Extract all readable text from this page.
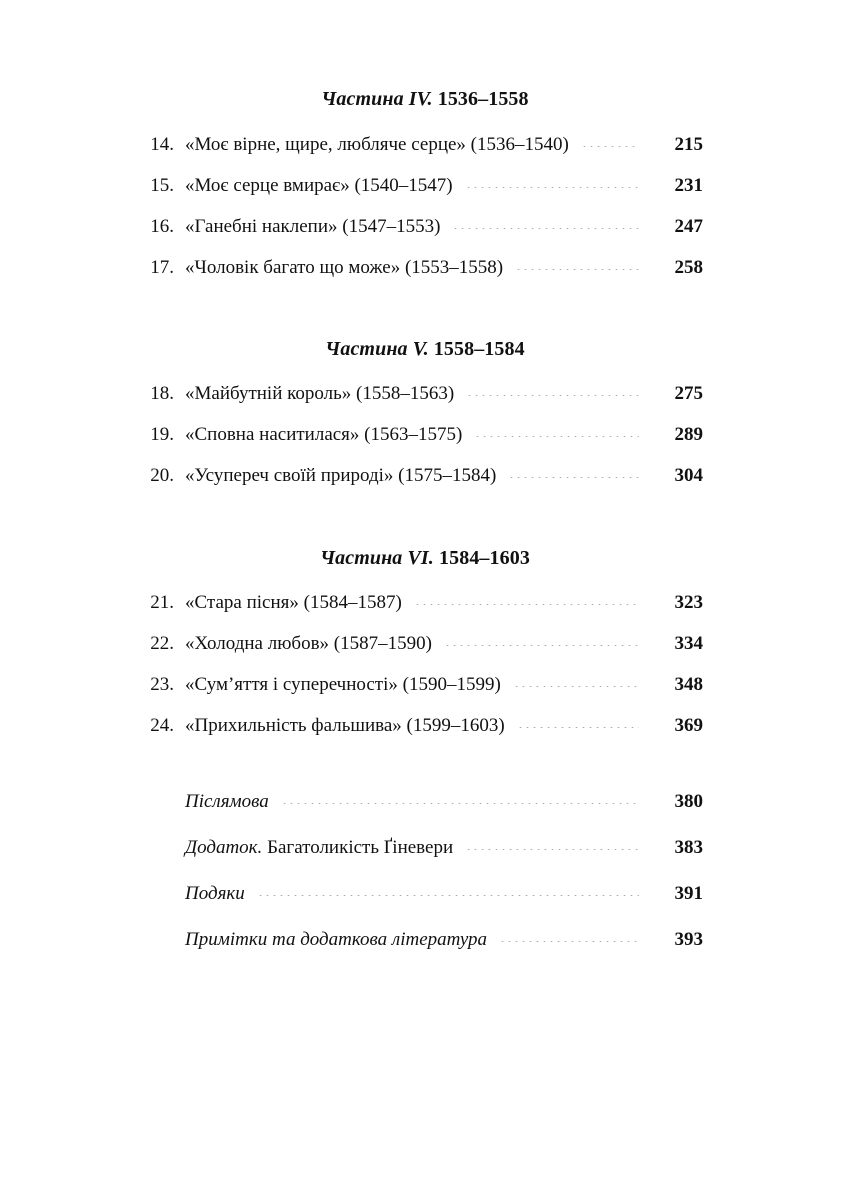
Частина IV. 1536–1558
14. «Моє вірне, щире, любляче серце» (1536–1540)	215
15. «Моє серце вмирає» (1540–1547)	231
16. «Ганебні наклепи» (1547–1553)	247
17. «Чоловік багато що може» (1553–1558)	258
Частина V. 1558–1584
18. «Майбутній король» (1558–1563)	275
19. «Сповна наситилася» (1563–1575)	289
20. «Усупереч своїй природі» (1575–1584)	304
Частина VI. 1584–1603
21. «Стара пісня» (1584–1587)	323
22. «Холодна любов» (1587–1590)	334
23. «Сум’яття і суперечності» (1590–1599)	348
24. «Прихильність фальшива» (1599–1603)	369
Післямова	380
Додаток. Багатоликість Ґіневери	383
Подяки	391
Примітки та додаткова література	393
